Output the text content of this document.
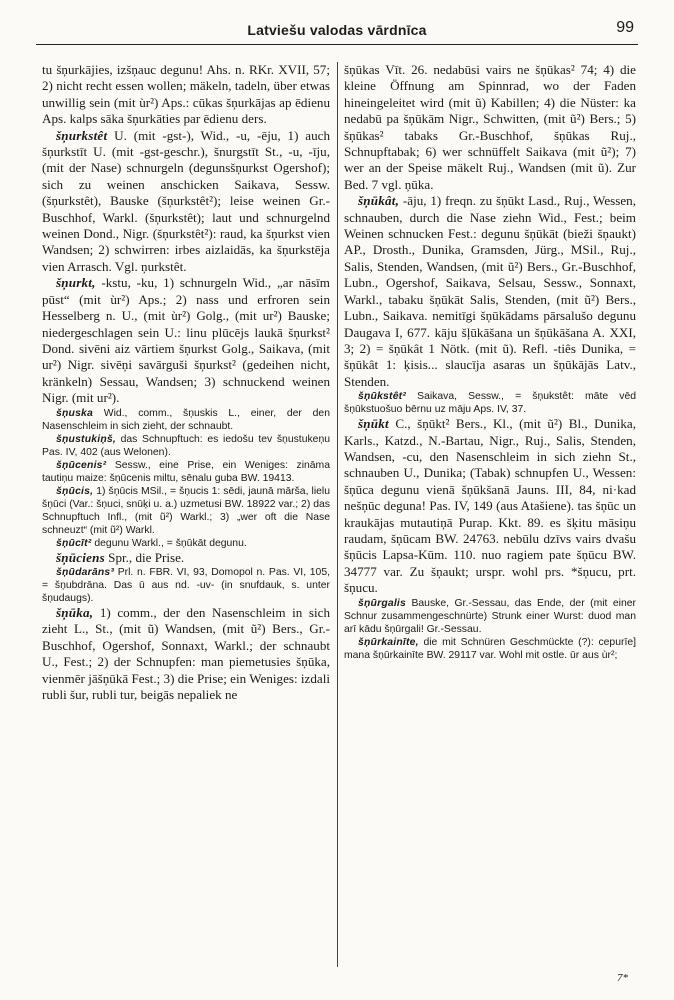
Latviešu valodas vārdnīca	99

tu šņurkājies, izšņauc degunu! Ahs. n. RKr. XVII, 57; 2) nicht recht essen wollen; mäkeln, tadeln, über etwas unwillig sein (mit ùr²) Aps.: cūkas šņurkājas ap ēdienu Aps. kalps sāka šņurkāties par ēdienu ders.

šņurkstêt U. (mit -gst-), Wid., -u, -ēju, 1) auch šņurkstīt U. (mit -gst-geschr.), šnurgstīt St., -u, -īju, (mit der Nase) schnurgeln (degunsšņurkst Ogershof); sich zu weinen anschicken Saikava, Sessw. (šņurkstêt), Bauske (šņurkstêt²); leise weinen Gr.-Buschhof, Warkl. (šņurkstêt); laut und schnurgelnd weinen Dond., Nigr. (šņurkstêt²): raud, ka šņurkst vien Wandsen; 2) schwirren: irbes aizlaidās, ka šņurkstēja vien Arrasch. Vgl. ņurkstêt.

šņurkt, -kstu, -ku, 1) schnurgeln Wid., „ar nāsīm pūst“ (mit ùr²) Aps.; 2) nass und erfroren sein Hesselberg n. U., (mit ùr²) Golg., (mit ur²) Bauske; niedergeschlagen sein U.: linu plūcējs laukā šņurkst² Dond. sivēni aiz vārtiem šņurkst Golg., Saikava, (mit ur²) Nigr. sivēņi savārguši šņurkst² (gedeihen nicht, kränkeln) Sessau, Wandsen; 3) schnuckend weinen Nigr. (mit ur²).

šņuska Wid., comm., šņuskis L., einer, der den Nasenschleim in sich zieht, der schnaubt.

šņustukiņš, das Schnupftuch: es iedošu tev šņustukeņu Pas. IV, 402 (aus Welonen).

šņūcenis² Sessw., eine Prise, ein Weniges: zināma tautiņu maize: šņūcenis miltu, sēnalu guba BW. 19413.

šņūcis, 1) šņūcis MSil., = šņucis 1: sēdi, jaunā mārša, lielu šņūci (Var.: šņuci, snūķi u. a.) uzmetusi BW. 18922 var.; 2) das Schnupftuch Infl., (mit ũ²) Warkl.; 3) „wer oft die Nase schneuzt“ (mit ũ²) Warkl.

šņūcīt² degunu Warkl., = šņūkāt degunu.

šņūciens Spr., die Prise.

šņūdarāns³ Prl. n. FBR. VI, 93, Domopol n. Pas. VI, 105, = šņubdrāna. Das ū aus nd. -uv- (in snufdauk, s. unter šņudaugs).

šņūka, 1) comm., der den Nasenschleim in sich zieht L., St., (mit ũ) Wandsen, (mit ũ²) Bers., Gr.-Buschhof, Ogershof, Sonnaxt, Warkl.; der schnaubt U., Fest.; 2) der Schnupfen: man piemetusies šņūka, vienmēr jāšņūkā Fest.; 3) die Prise; ein Weniges: izdali rubli šur, rubli tur, beigās nepaliek ne

šņūkas Vīt. 26. nedabūsi vairs ne šņūkas² 74; 4) die kleine Öffnung am Spinnrad, wo der Faden hineingeleitet wird (mit ũ) Kabillen; 4) die Nüster: ka nedabū pa šņūkām Nigr., Schwitten, (mit ũ²) Bers.; 5) šņūkas² tabaks Gr.-Buschhof, šņūkas Ruj., Schnupftabak; 6) wer schnüffelt Saikava (mit ũ²); 7) wer an der Speise mäkelt Ruj., Wandsen (mit ũ). Zur Bed. 7 vgl. ņūka.

šņūkât, -āju, 1) freqn. zu šņūkt Lasd., Ruj., Wessen, schnauben, durch die Nase ziehn Wid., Fest.; beim Weinen schnucken Fest.: degunu šņūkāt (bieži šņaukt) AP., Drosth., Dunika, Gramsden, Jürg., MSil., Ruj., Salis, Stenden, Wandsen, (mit ũ²) Bers., Gr.-Buschhof, Lubn., Ogershof, Saikava, Selsau, Sessw., Sonnaxt, Warkl., tabaku šņūkāt Salis, Stenden, (mit ũ²) Bers., Lubn., Saikava. nemitīgi šņūkādams pārsalušo degunu Daugava I, 677. kāju šļūkāšana un šņūkāšana A. XXI, 3; 2) = šņūkât 1 Nötk. (mit ũ). Refl. -tiês Dunika, = šņūkât 1: ķisis... slaucīja asaras un šņūkājās Latv., Stenden.

šņūkstêt² Saikava, Sessw., = šņukstêt: māte vēd šņūkstuošuo bērnu uz māju Aps. IV, 37.

šņūkt C., šņūkt² Bers., Kl., (mit ũ²) Bl., Dunika, Karls., Katzd., N.-Bartau, Nigr., Ruj., Salis, Stenden, Wandsen, -cu, den Nasenschleim in sich ziehn St., schnauben U., Dunika; (Tabak) schnupfen U., Wessen: šņūca degunu vienā šņūkšanā Jauns. III, 84, ni·kad nešņūc deguna! Pas. IV, 149 (aus Atašiene). tas šņūc un kraukājas mutautiņā Purap. Kkt. 89. es šķitu māsiņu raudam, šņūcam BW. 24763. nebūlu dzīvs vairs dvašu šņūcis Lapsa-Kūm. 110. nuo ragiem pate šņūcu BW. 34777 var. Zu šņaukt; urspr. wohl prs. *šņucu, prt. šņucu.

šņūrgalis Bauske, Gr.-Sessau, das Ende, der (mit einer Schnur zusammengeschnürte) Strunk einer Wurst: duod man arī kādu šņūrgali! Gr.-Sessau.

šņūrkainīte, die mit Schnüren Geschmückte (?): cepurīe] mana šņūrkainīte BW. 29117 var. Wohl mit ostle. ūr aus ùr²;

7*
